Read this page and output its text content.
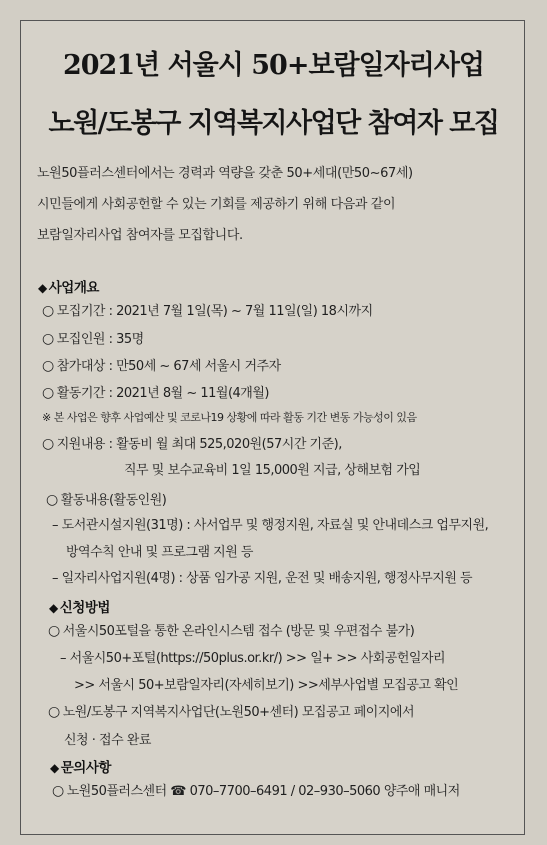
2021년 서울시 50+보람일자리사업
노원/도봉구 지역복지사업단 참여자 모집
노원50플러스센터에서는 경력과 역량을 갖춘 50+세대(만50~67세)
시민들에게 사회공헌할 수 있는 기회를 제공하기 위해 다음과 같이
보람일자리사업 참여자를 모집합니다.
◆ 사업개요
○ 모집기간 : 2021년 7월 1일(목) ~ 7월 11일(일) 18시까지
○ 모집인원 : 35명
○ 참가대상 : 만50세 ~ 67세 서울시 거주자
○ 활동기간 : 2021년 8월 ~ 11월(4개월)
※ 본 사업은 향후 사업예산 및 코로나19 상황에 따라 활동 기간 변동 가능성이 있음
○ 지원내용 : 활동비 월 최대 525,020원(57시간 기준),
직무 및 보수교육비 1일 15,000원 지급, 상해보험 가입
○ 활동내용(활동인원)
– 도서관시설지원(31명) : 사서업무 및 행정지원, 자료실 및 안내데스크 업무지원,
방역수칙 안내 및 프로그램 지원 등
– 일자리사업지원(4명) : 상품 임가공 지원, 운전 및 배송지원, 행정사무지원 등
◆ 신청방법
○ 서울시50포털을 통한 온라인시스템 접수 (방문 및 우편접수 불가)
– 서울시50+포털(https://50plus.or.kr/) >> 일+ >> 사회공헌일자리
>> 서울시 50+보람일자리(자세히보기) >>세부사업별 모집공고 확인
○ 노원/도봉구 지역복지사업단(노원50+센터) 모집공고 페이지에서
신청 · 접수 완료
◆ 문의사항
○ 노원50플러스센터 ☎ 070–7700–6491 / 02–930–5060 양주애 매니저
